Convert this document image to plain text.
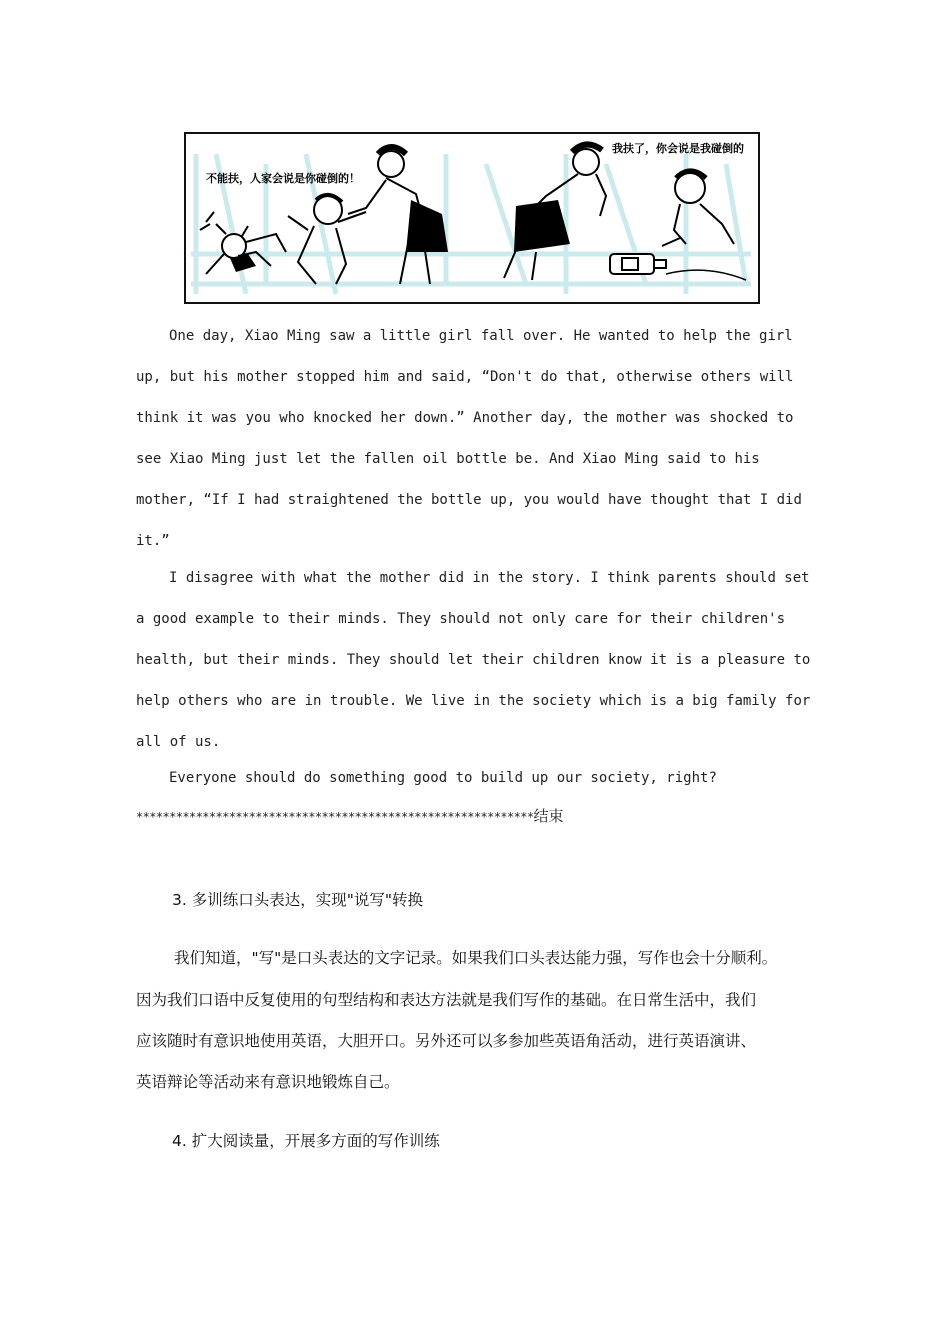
不能扶，人家会说是你碰倒的！
我扶了，你会说是我碰倒的
One day, Xiao Ming saw a little girl fall over. He wanted to help the girl
up, but his mother stopped him and said, “Don't do that, otherwise others will
think it was you who knocked her down.” Another day, the mother was shocked to
see Xiao Ming just let the fallen oil bottle be. And Xiao Ming said to his
mother, “If I had straightened the bottle up, you would have thought that I did
it.”
I disagree with what the mother did in the story. I think parents should set
a good example to their minds. They should not only care for their children's
health, but their minds. They should let their children know it is a pleasure to
help others who are in trouble. We live in the society which is a big family for
all of us.
Everyone should do something good to build up our society, right?
************************************************************结束
3. 多训练口头表达，实现"说写"转换
我们知道，"写"是口头表达的文字记录。如果我们口头表达能力强，写作也会十分顺利。
因为我们口语中反复使用的句型结构和表达方法就是我们写作的基础。在日常生活中，我们
应该随时有意识地使用英语，大胆开口。另外还可以多参加些英语角活动，进行英语演讲、
英语辩论等活动来有意识地锻炼自己。
4. 扩大阅读量，开展多方面的写作训练
